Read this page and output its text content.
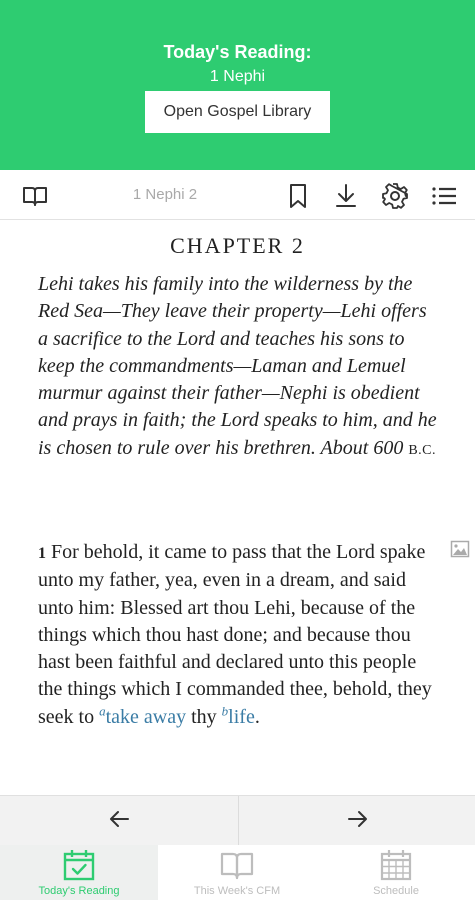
Today's Reading:
1 Nephi
Open Gospel Library
1 Nephi 2
CHAPTER 2
Lehi takes his family into the wilderness by the Red Sea—They leave their property—Lehi offers a sacrifice to the Lord and teaches his sons to keep the commandments—Laman and Lemuel murmur against their father—Nephi is obedient and prays in faith; the Lord speaks to him, and he is chosen to rule over his brethren. About 600 B.C.
1 For behold, it came to pass that the Lord spake unto my father, yea, even in a dream, and said unto him: Blessed art thou Lehi, because of the things which thou hast done; and because thou hast been faithful and declared unto this people the things which I commanded thee, behold, they seek to $^a$take away thy $^b$life.
Today's Reading	This Week's CFM	Schedule
